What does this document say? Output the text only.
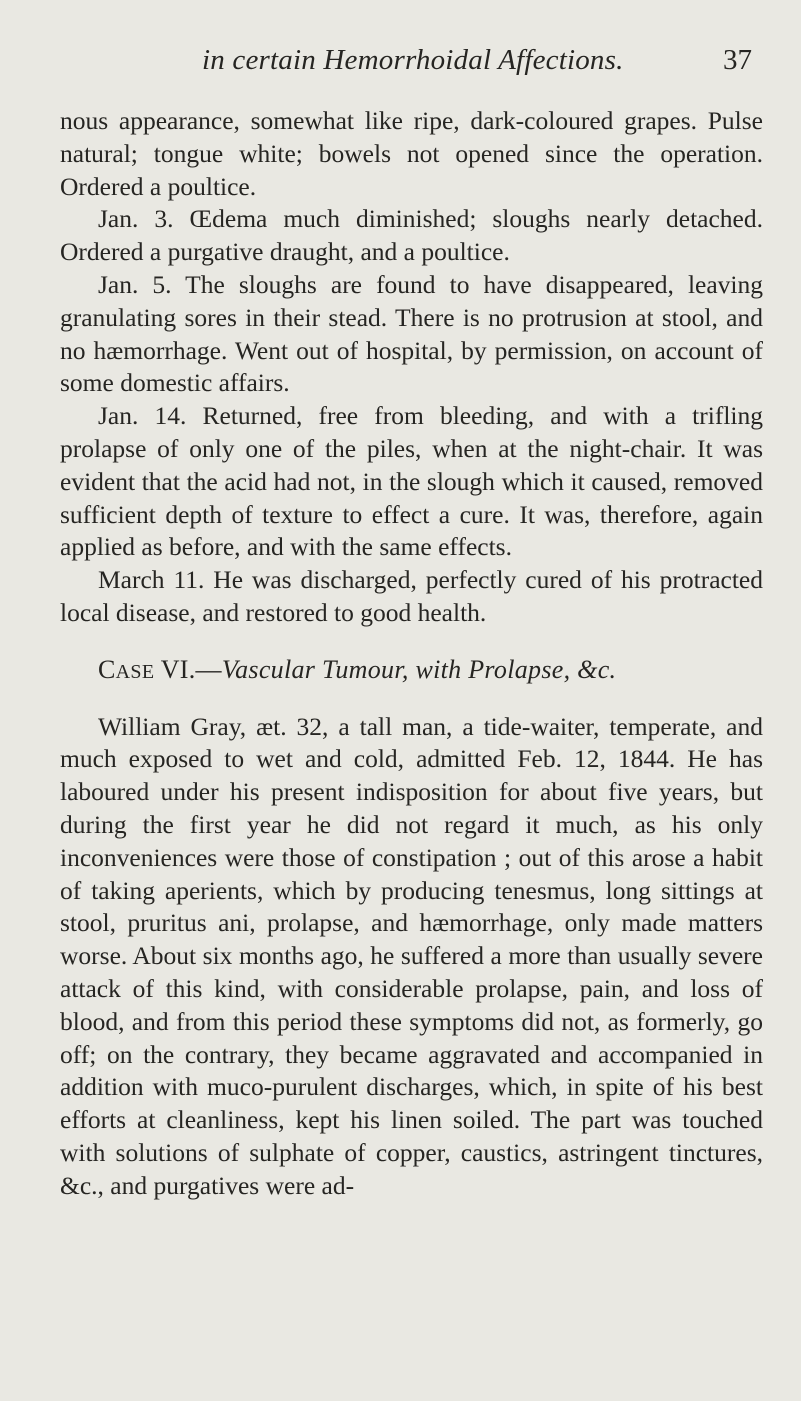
in certain Hemorrhoidal Affections.	37

nous appearance, somewhat like ripe, dark-coloured grapes. Pulse natural; tongue white; bowels not opened since the operation. Ordered a poultice.

Jan. 3. Œdema much diminished; sloughs nearly detached. Ordered a purgative draught, and a poultice.

Jan. 5. The sloughs are found to have disappeared, leaving granulating sores in their stead. There is no protrusion at stool, and no hæmorrhage. Went out of hospital, by permission, on account of some domestic affairs.

Jan. 14. Returned, free from bleeding, and with a trifling prolapse of only one of the piles, when at the night-chair. It was evident that the acid had not, in the slough which it caused, removed sufficient depth of texture to effect a cure. It was, therefore, again applied as before, and with the same effects.

March 11. He was discharged, perfectly cured of his protracted local disease, and restored to good health.

CASE VI.—Vascular Tumour, with Prolapse, &c.

William Gray, æt. 32, a tall man, a tide-waiter, temperate, and much exposed to wet and cold, admitted Feb. 12, 1844. He has laboured under his present indisposition for about five years, but during the first year he did not regard it much, as his only inconveniences were those of constipation ; out of this arose a habit of taking aperients, which by producing tenesmus, long sittings at stool, pruritus ani, prolapse, and hæmorrhage, only made matters worse. About six months ago, he suffered a more than usually severe attack of this kind, with considerable prolapse, pain, and loss of blood, and from this period these symptoms did not, as formerly, go off; on the contrary, they became aggravated and accompanied in addition with muco-purulent discharges, which, in spite of his best efforts at cleanliness, kept his linen soiled. The part was touched with solutions of sulphate of copper, caustics, astringent tinctures, &c., and purgatives were ad-
